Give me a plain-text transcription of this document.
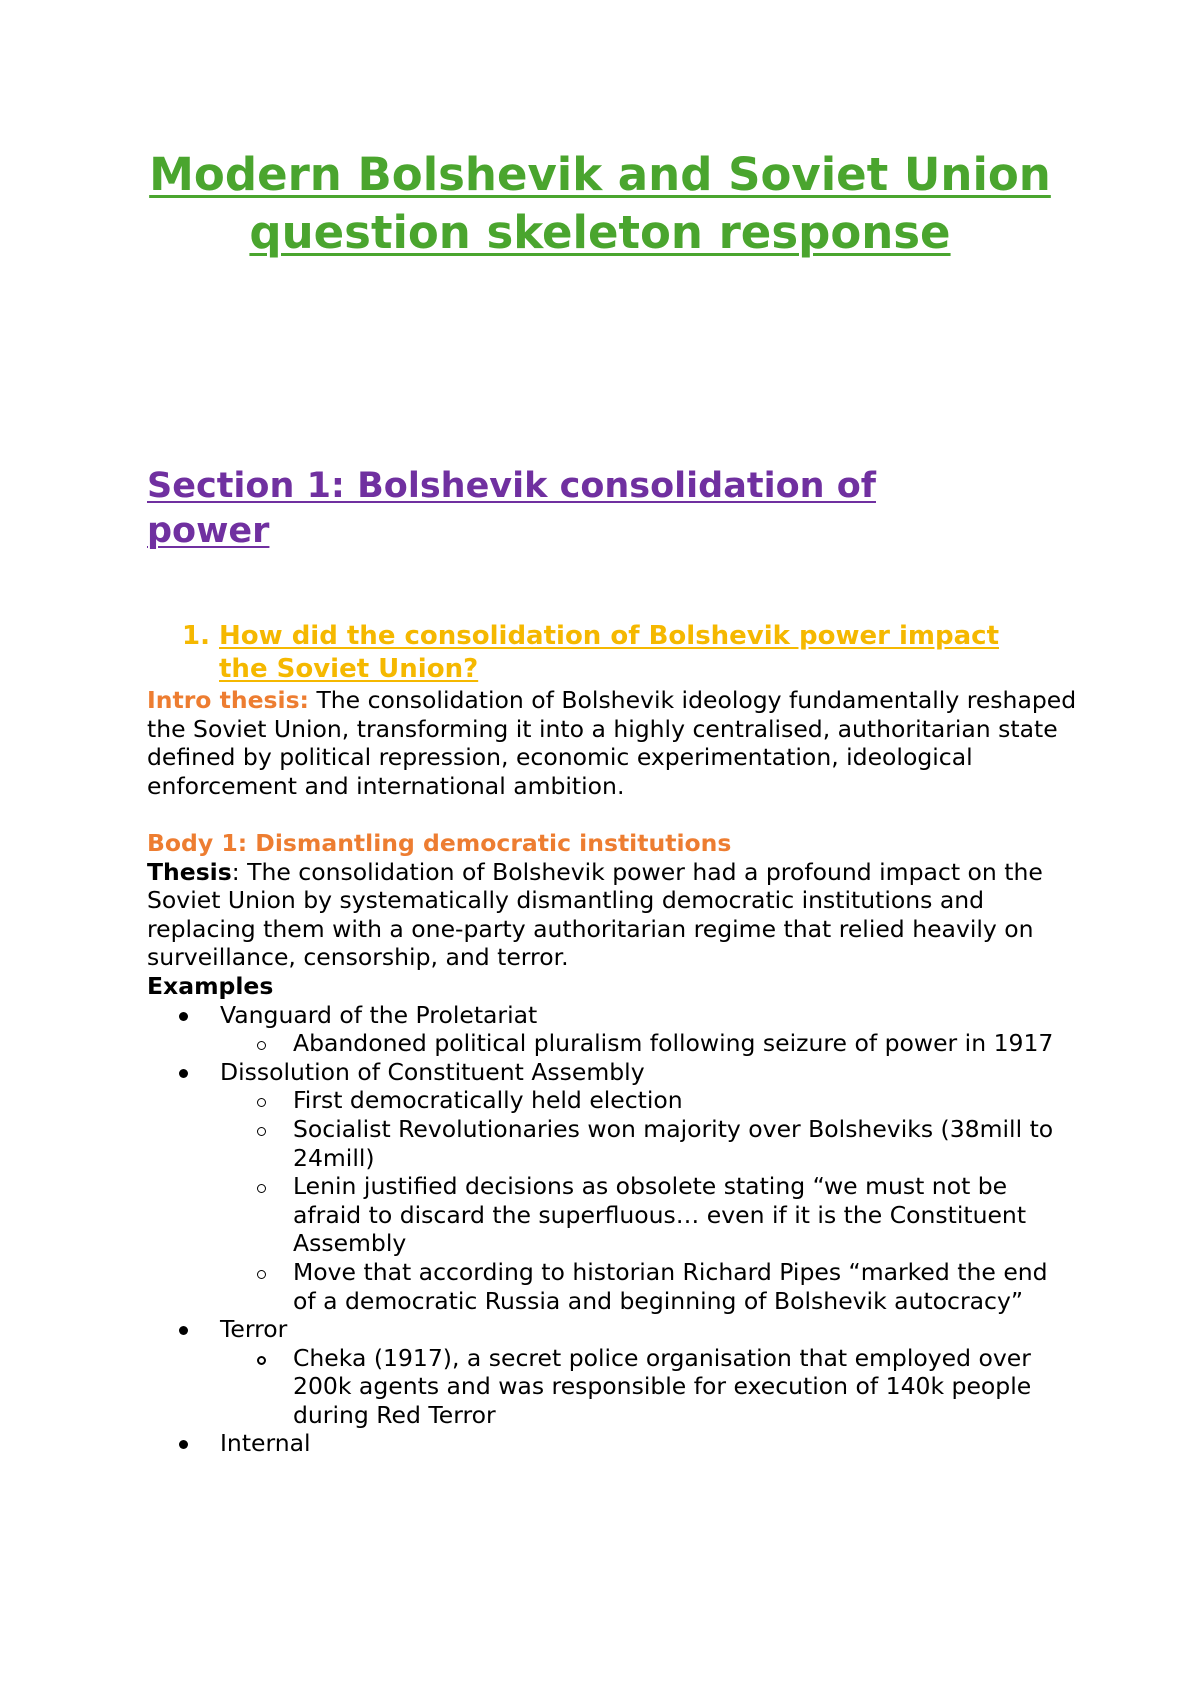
Modern Bolshevik and Soviet Union question skeleton response
Section 1: Bolshevik consolidation of power
1. How did the consolidation of Bolshevik power impact the Soviet Union?

Intro thesis: The consolidation of Bolshevik ideology fundamentally reshaped the Soviet Union, transforming it into a highly centralised, authoritarian state defined by political repression, economic experimentation, ideological enforcement and international ambition.

Body 1: Dismantling democratic institutions
Thesis: The consolidation of Bolshevik power had a profound impact on the Soviet Union by systematically dismantling democratic institutions and replacing them with a one-party authoritarian regime that relied heavily on surveillance, censorship, and terror.
Examples
Vanguard of the Proletariat
Abandoned political pluralism following seizure of power in 1917
Dissolution of Constituent Assembly
First democratically held election
Socialist Revolutionaries won majority over Bolsheviks (38mill to 24mill)
Lenin justified decisions as obsolete stating “we must not be afraid to discard the superfluous… even if it is the Constituent Assembly
Move that according to historian Richard Pipes “marked the end of a democratic Russia and beginning of Bolshevik autocracy”
Terror
Cheka (1917), a secret police organisation that employed over 200k agents and was responsible for execution of 140k people during Red Terror
Internal
